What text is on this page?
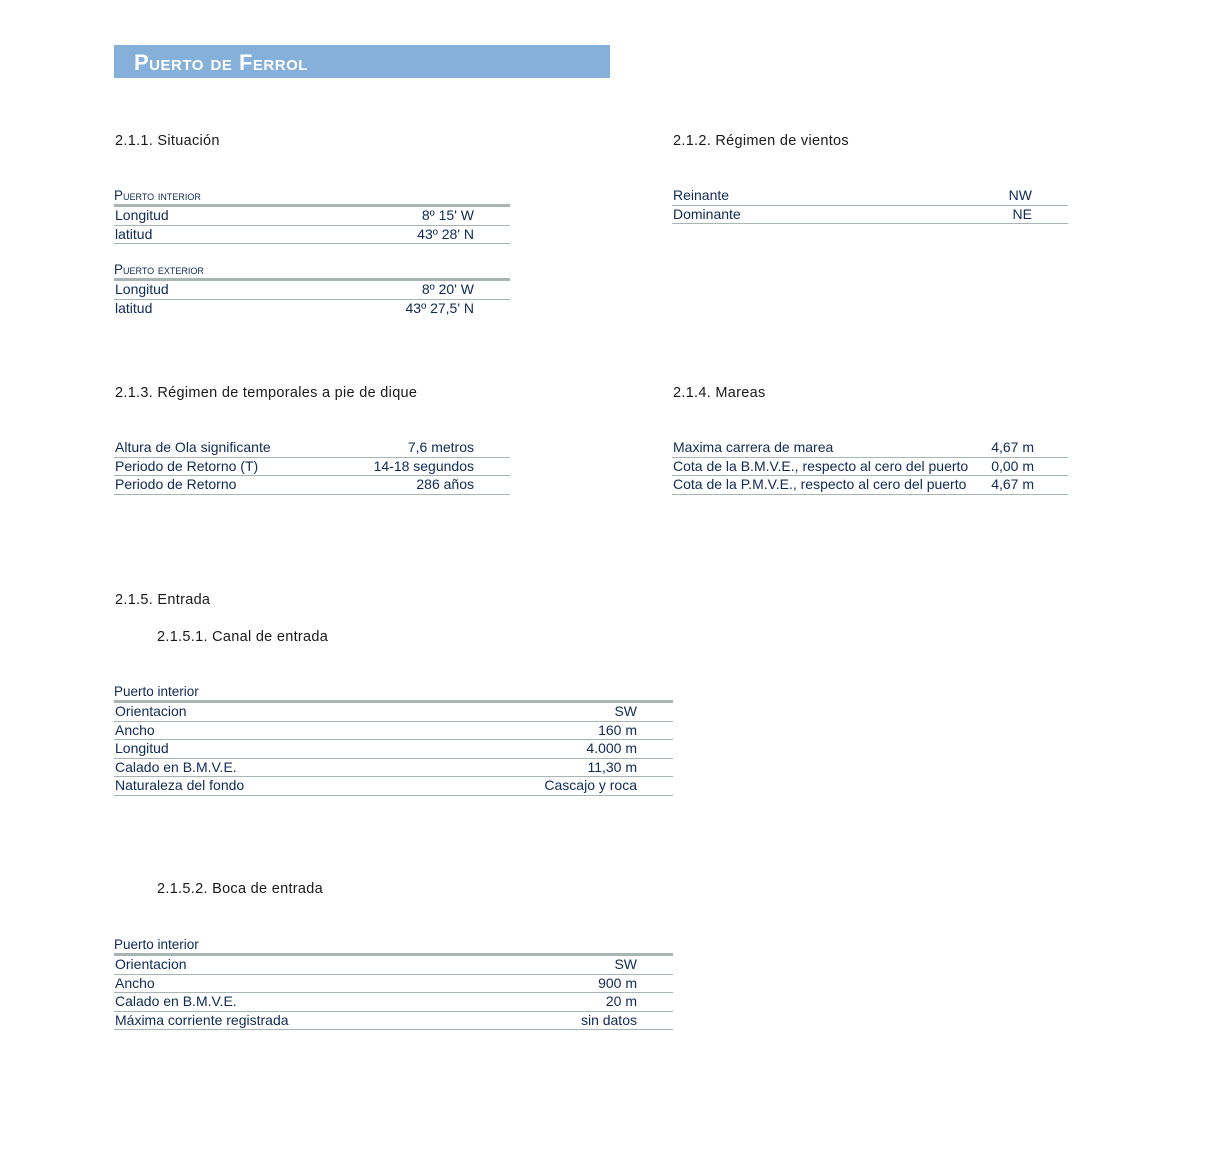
Puerto de Ferrol
2.1.1. Situación
Puerto interior
Longitud	8º 15' W
latitud	43º 28' N
Puerto exterior
Longitud	8º 20' W
latitud	43º 27,5' N
2.1.2. Régimen de vientos
Reinante	NW
Dominante	NE
2.1.3. Régimen de temporales a pie de dique
Altura de Ola significante	7,6 metros
Periodo de Retorno (T)	14-18 segundos
Periodo de Retorno	286 años
2.1.4. Mareas
Maxima carrera de marea	4,67 m
Cota de la B.M.V.E., respecto al cero del puerto 0,00 m
Cota de la P.M.V.E., respecto al cero del puerto 4,67 m
2.1.5. Entrada
2.1.5.1. Canal de entrada
Puerto interior
Orientacion	SW
Ancho	160 m
Longitud	4.000 m
Calado en B.M.V.E.	11,30 m
Naturaleza del fondo	Cascajo y roca
2.1.5.2. Boca de entrada
Puerto interior
Orientacion	SW
Ancho	900 m
Calado en B.M.V.E.	20 m
Máxima corriente registrada	sin datos
